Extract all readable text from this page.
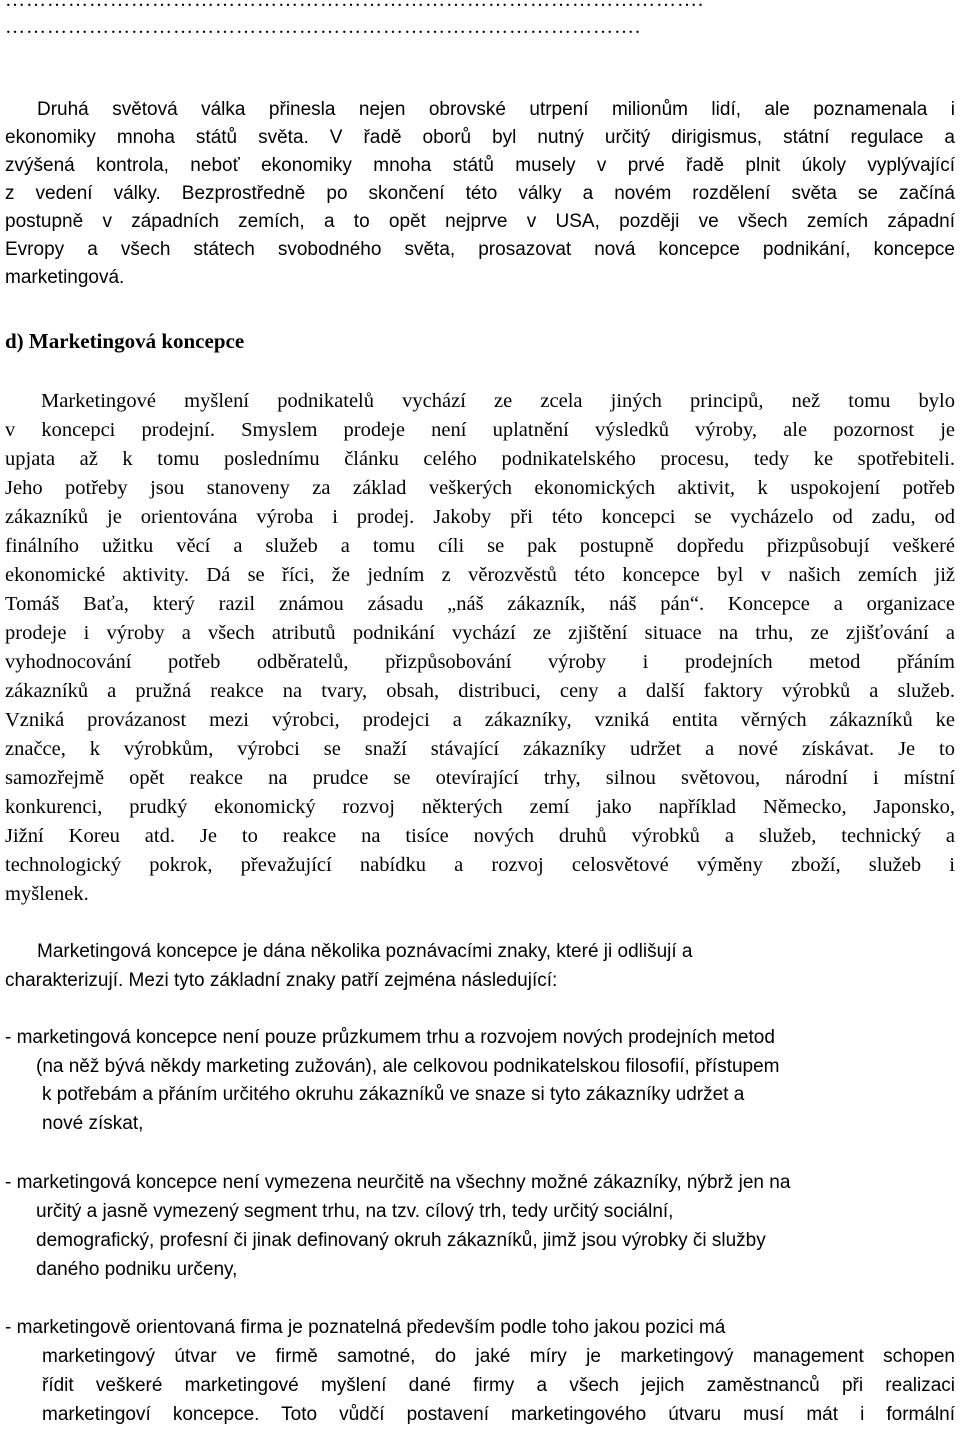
……………………………………………………………………………………….
……………………………………………………………………………….

Druhá světová válka přinesla nejen obrovské utrpení milionům lidí, ale poznamenala i

ekonomiky mnoha států světa. V řadě oborů byl nutný určitý dirigismus, státní regulace a

zvýšená kontrola, neboť ekonomiky mnoha států musely v prvé řadě plnit úkoly vyplývající

z vedení války. Bezprostředně po skončení této války a novém rozdělení světa se začíná

postupně v západních zemích, a to opět nejprve v USA, později ve všech zemích západní

Evropy a všech státech svobodného světa, prosazovat nová koncepce podnikání, koncepce

marketingová.

d) Marketingová koncepce

Marketingové myšlení podnikatelů vychází ze zcela jiných principů, než tomu bylo

v koncepci prodejní. Smyslem prodeje není uplatnění výsledků výroby, ale pozornost je

upjata až k tomu poslednímu článku celého podnikatelského procesu, tedy ke spotřebiteli.

Jeho potřeby jsou stanoveny za základ veškerých ekonomických aktivit, k uspokojení potřeb

zákazníků je orientována výroba i prodej. Jakoby při této koncepci se vycházelo od zadu, od

finálního užitku věcí a služeb a tomu cíli se pak postupně dopředu přizpůsobují veškeré

ekonomické aktivity. Dá se říci, že jedním z věrozvěstů této koncepce byl v našich zemích již

Tomáš Baťa, který razil známou zásadu „náš zákazník, náš pán“. Koncepce a organizace

prodeje i výroby a všech atributů podnikání vychází ze zjištění situace na trhu, ze zjišťování a

vyhodnocování potřeb odběratelů, přizpůsobování výroby i prodejních metod přáním

zákazníků a pružná reakce na tvary, obsah, distribuci, ceny a další faktory výrobků a služeb.

Vzniká provázanost mezi výrobci, prodejci a zákazníky, vzniká entita věrných zákazníků ke

značce, k výrobkům, výrobci se snaží stávající zákazníky udržet a nové získávat. Je to

samozřejmě opět reakce na prudce se otevírající trhy, silnou světovou, národní i místní

konkurenci, prudký ekonomický rozvoj některých zemí jako například Německo, Japonsko,

Jižní Koreu atd. Je to reakce na tisíce nových druhů výrobků a služeb, technický a

technologický pokrok, převažující nabídku a rozvoj celosvětové výměny zboží, služeb i

myšlenek.

Marketingová koncepce je dána několika poznávacími znaky, které ji odlišují a

charakterizují. Mezi tyto základní znaky patří zejména následující:

- marketingová koncepce není pouze průzkumem trhu a rozvojem nových prodejních metod

(na něž bývá někdy marketing zužován), ale celkovou podnikatelskou filosofií, přístupem

k potřebám a přáním určitého okruhu zákazníků ve snaze si tyto zákazníky udržet a

nové získat,

- marketingová koncepce není vymezena neurčitě na všechny možné zákazníky, nýbrž jen na

určitý a jasně vymezený segment trhu, na tzv. cílový trh, tedy určitý sociální,

demografický, profesní či jinak definovaný okruh zákazníků, jimž jsou výrobky či služby

daného podniku určeny,

- marketingově orientovaná firma je poznatelná především podle toho jakou pozici má

marketingový útvar ve firmě samotné, do jaké míry je marketingový management schopen

řídit veškeré marketingové myšlení dané firmy a všech jejich zaměstnanců při realizaci

marketingoví koncepce. Toto vůdčí postavení marketingového útvaru musí mát i formální
